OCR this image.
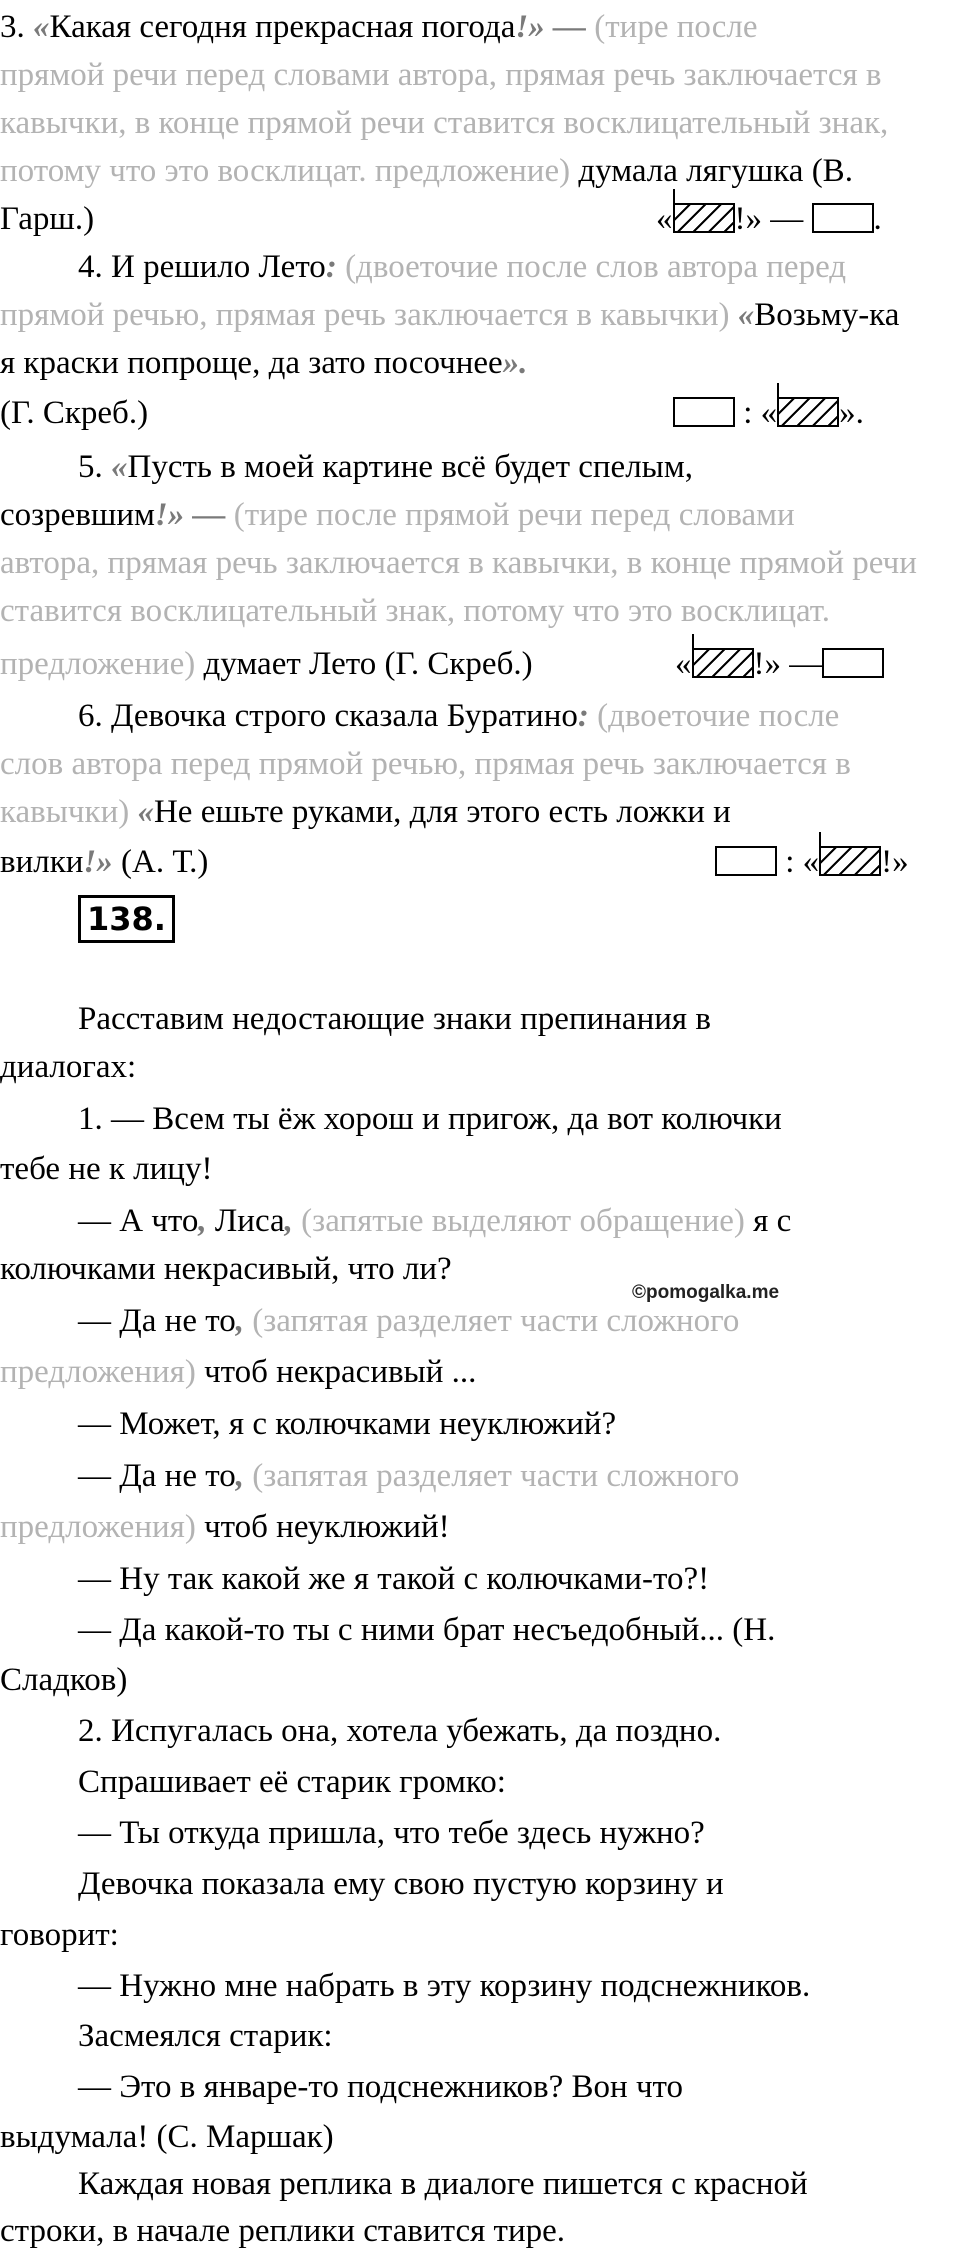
3. «Какая сегодня прекрасная погода!» — (тире после
прямой речи перед словами автора, прямая речь заключается в
кавычки, в конце прямой речи ставится восклицательный знак,
потому что это восклицат. предложение) думала лягушка (В.
Гарш.)	« !» — .
4. И решило Лето: (двоеточие после слов автора перед
прямой речью, прямая речь заключается в кавычки) «Возьму-ка
я краски попроще, да зато посочнее».
(Г. Скреб.)	: « ».
5. «Пусть в моей картине всё будет спелым,
созревшим!» — (тире после прямой речи перед словами
автора, прямая речь заключается в кавычки, в конце прямой речи
ставится восклицательный знак, потому что это восклицат.
предложение) думает Лето (Г. Скреб.)	« !» —
6. Девочка строго сказала Буратино: (двоеточие после
слов автора перед прямой речью, прямая речь заключается в
кавычки) «Не ешьте руками, для этого есть ложки и
вилки!» (А. Т.)	: « !»
138.
Расставим недостающие знаки препинания в
диалогах:
1. — Всем ты ёж хорош и пригож, да вот колючки
тебе не к лицу!
— А что, Лиса, (запятые выделяют обращение) я с
колючками некрасивый, что ли?
— Да не то, (запятая разделяет части сложного
предложения) чтоб некрасивый ...
— Может, я с колючками неуклюжий?
— Да не то, (запятая разделяет части сложного
предложения) чтоб неуклюжий!
— Ну так какой же я такой с колючками-то?!
— Да какой-то ты с ними брат несъедобный... (Н.
Сладков)
2. Испугалась она, хотела убежать, да поздно.
Спрашивает её старик громко:
— Ты откуда пришла, что тебе здесь нужно?
Девочка показала ему свою пустую корзину и
говорит:
— Нужно мне набрать в эту корзину подснежников.
Засмеялся старик:
— Это в январе-то подснежников? Вон что
выдумала! (С. Маршак)
Каждая новая реплика в диалоге пишется с красной
строки, в начале реплики ставится тире.
©pomogalka.me
